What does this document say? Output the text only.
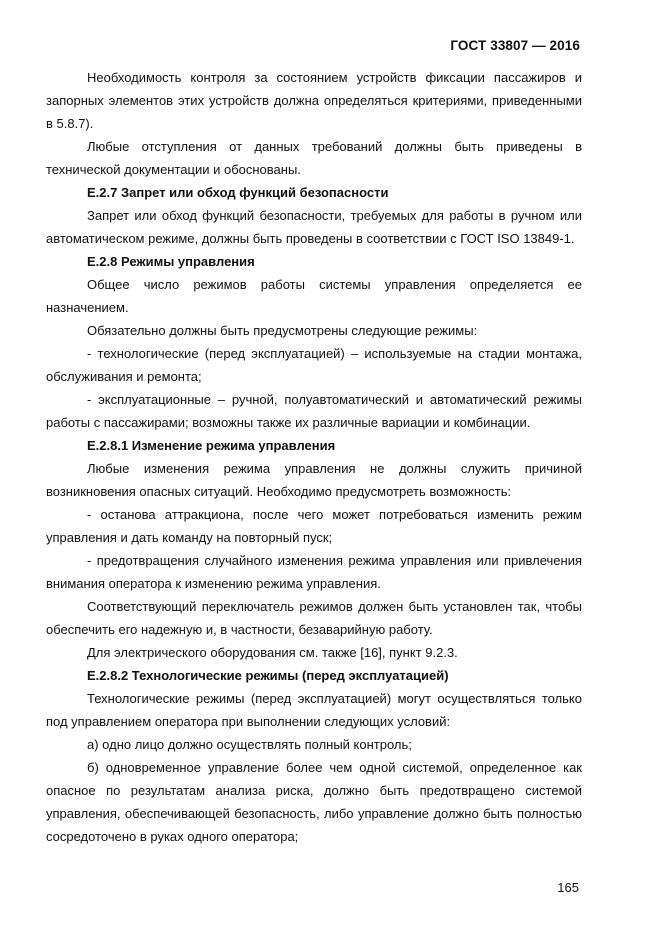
ГОСТ 33807 — 2016

Необходимость контроля за состоянием устройств фиксации пассажиров и запорных элементов этих устройств должна определяться критериями, приведенными в 5.8.7).

Любые отступления от данных требований должны быть приведены в технической документации и обоснованы.

Е.2.7 Запрет или обход функций безопасности

Запрет или обход функций безопасности, требуемых для работы в ручном или автоматическом режиме, должны быть проведены в соответствии с ГОСТ ISO 13849-1.

Е.2.8 Режимы управления

Общее число режимов работы системы управления определяется ее назначением.

Обязательно должны быть предусмотрены следующие режимы:

- технологические (перед эксплуатацией) – используемые на стадии монтажа, обслуживания и ремонта;

- эксплуатационные – ручной, полуавтоматический и автоматический режимы работы с пассажирами; возможны также их различные вариации и комбинации.

Е.2.8.1 Изменение режима управления

Любые изменения режима управления не должны служить причиной возникновения опасных ситуаций. Необходимо предусмотреть возможность:

- останова аттракциона, после чего может потребоваться изменить режим управления и дать команду на повторный пуск;

- предотвращения случайного изменения режима управления или привлечения внимания оператора к изменению режима управления.

Соответствующий переключатель режимов должен быть установлен так, чтобы обеспечить его надежную и, в частности, безаварийную работу.

Для электрического оборудования см. также [16], пункт 9.2.3.

Е.2.8.2 Технологические режимы (перед эксплуатацией)

Технологические режимы (перед эксплуатацией) могут осуществляться только под управлением оператора при выполнении следующих условий:

а) одно лицо должно осуществлять полный контроль;

б) одновременное управление более чем одной системой, определенное как опасное по результатам анализа риска, должно быть предотвращено системой управления, обеспечивающей безопасность, либо управление должно быть полностью сосредоточено в руках одного оператора;

165
